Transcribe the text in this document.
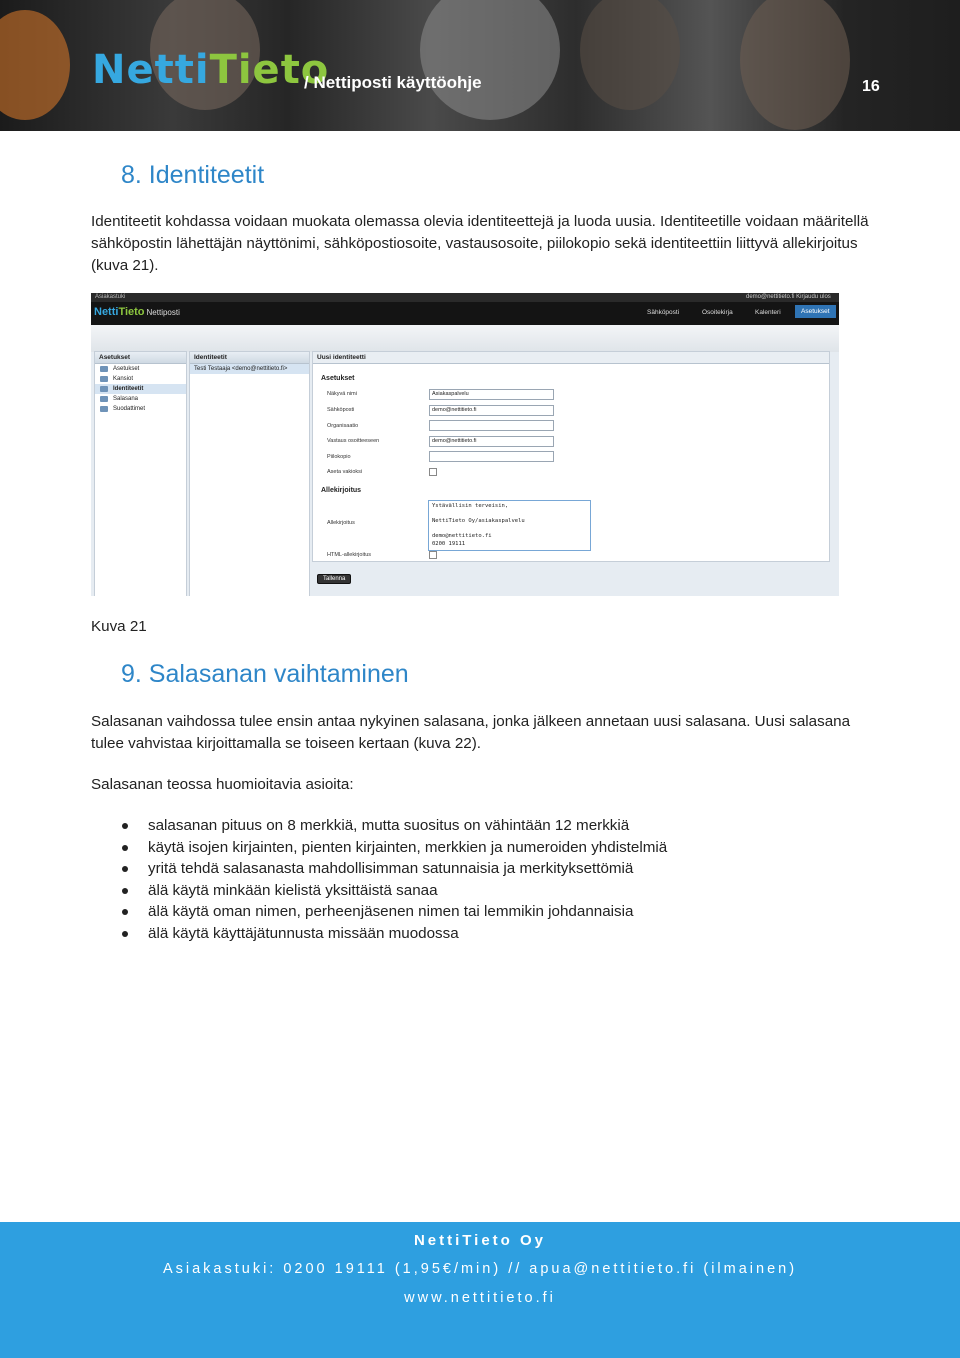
NettiTieto
/ Nettiposti käyttöohje	16
8. Identiteetit

Identiteetit kohdassa voidaan muokata olemassa olevia identiteettejä ja luoda uusia. Identiteetille voidaan määritellä sähköpostin lähettäjän näyttönimi, sähköpostiosoite, vastausosoite, piilokopio sekä identiteettiin liittyvä allekirjoitus (kuva 21).

Asiakastuki	demo@nettitieto.fi Kirjaudu ulos
NettiTieto Nettiposti	Sähköposti	Osoitekirja	Kalenteri	Asetukset
Asetukset
Asetukset
Kansiot
Identiteetit
Salasana
Suodattimet
Identiteetit
Testi Testaaja <demo@nettitieto.fi>
Uusi identiteetti
Asetukset
Näkyvä nimi	Asiakaspalvelu
Sähköposti	demo@nettitieto.fi
Organisaatio
Vastaus osoitteeseen	demo@nettitieto.fi
Piilokopio
Aseta vakioksi
Allekirjoitus
Allekirjoitus
Ystävällisin terveisin,

NettiTieto Oy/asiakaspalvelu

demo@nettitieto.fi
0200 19111
HTML-allekirjoitus
Tallenna
Kuva 21
9. Salasanan vaihtaminen

Salasanan vaihdossa tulee ensin antaa nykyinen salasana, jonka jälkeen annetaan uusi salasana. Uusi salasana tulee vahvistaa kirjoittamalla se toiseen kertaan (kuva 22).

Salasanan teossa huomioitavia asioita:

salasanan pituus on 8 merkkiä, mutta suositus on vähintään 12 merkkiä
käytä isojen kirjainten, pienten kirjainten, merkkien ja numeroiden yhdistelmiä
yritä tehdä salasanasta mahdollisimman satunnaisia ja merkityksettömiä
älä käytä minkään kielistä yksittäistä sanaa
älä käytä oman nimen, perheenjäsenen nimen tai lemmikin johdannaisia
älä käytä käyttäjätunnusta missään muodossa
NettiTieto Oy
Asiakastuki: 0200 19111 (1,95€/min) // apua@nettitieto.fi (ilmainen)
www.nettitieto.fi
